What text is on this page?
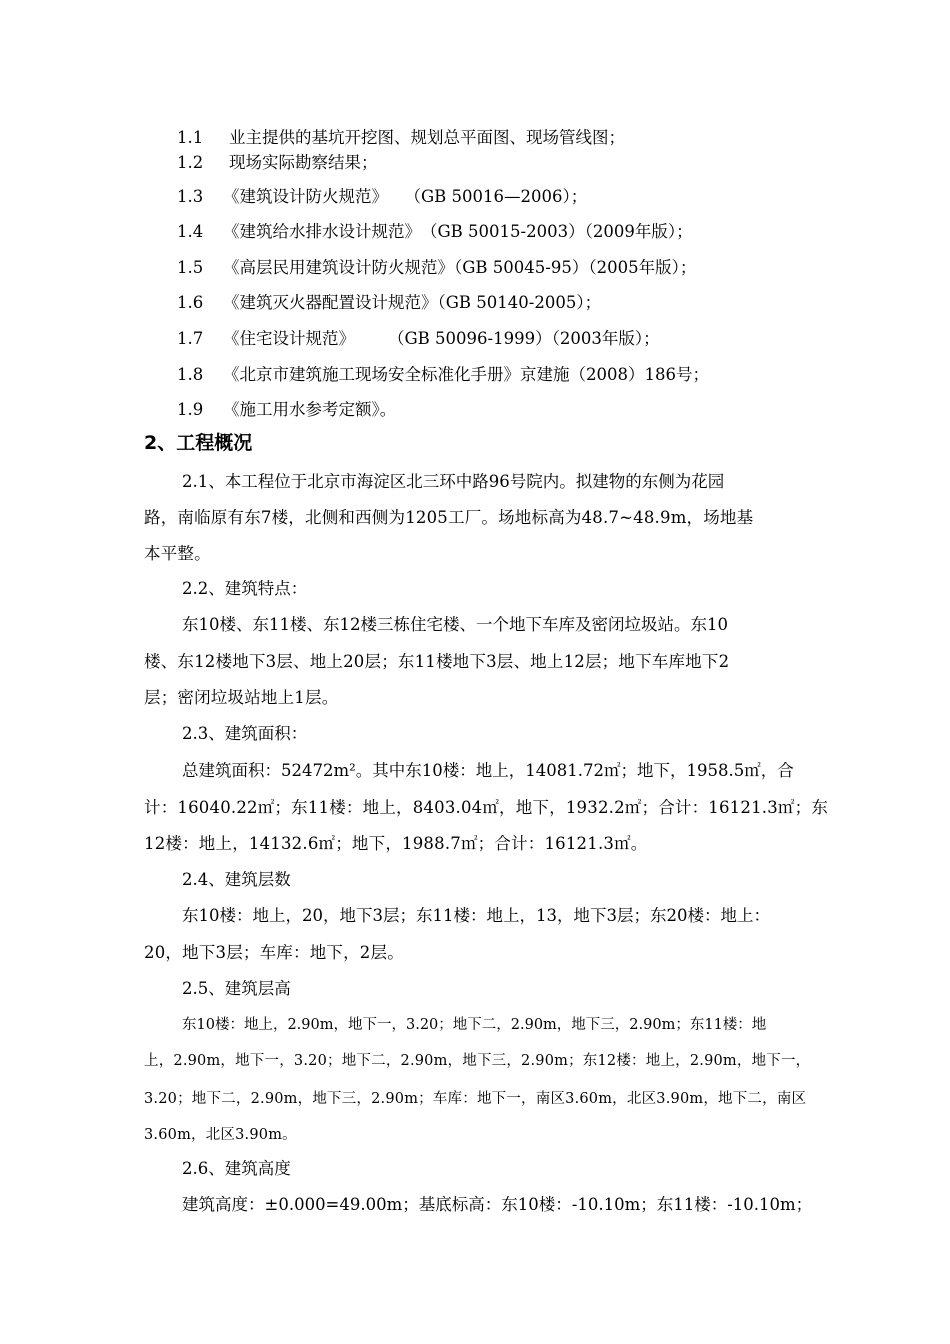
1.1 业主提供的基坑开挖图、规划总平面图、现场管线图；
1.2 现场实际勘察结果；
1.3 《建筑设计防火规范》　　（GB 50016—2006）；
1.4 《建筑给水排水设计规范》　（GB 50015-2003）（2009年版）；
1.5 《高层民用建筑设计防火规范》（GB 50045-95）（2005年版）；
1.6 《建筑灭火器配置设计规范》（GB 50140-2005）；
1.7 《住宅设计规范》　　　（GB 50096-1999）（2003年版）；
1.8 《北京市建筑施工现场安全标准化手册》京建施（2008）186号；
1.9 《施工用水参考定额》。
2、工程概况
2.1、本工程位于北京市海淀区北三环中路96号院内。拟建物的东侧为花园
路，南临原有东7楼，北侧和西侧为1205工厂。场地标高为48.7~48.9m，场地基
本平整。
2.2、建筑特点：
东10楼、东11楼、东12楼三栋住宅楼、一个地下车库及密闭垃圾站。东10
楼、东12楼地下3层、地上20层；东11楼地下3层、地上12层；地下车库地下2
层；密闭垃圾站地上1层。
2.3、建筑面积：
总建筑面积：52472m²。其中东10楼：地上，14081.72㎡；地下，1958.5㎡，合
计：16040.22㎡；东11楼：地上，8403.04㎡，地下，1932.2㎡；合计：16121.3㎡；东
12楼：地上，14132.6㎡；地下，1988.7㎡；合计：16121.3㎡。
2.4、建筑层数
东10楼：地上，20，地下3层；东11楼：地上，13，地下3层；东20楼：地上：
20，地下3层；车库：地下，2层。
2.5、建筑层高
东10楼：地上，2.90m，地下一，3.20；地下二，2.90m，地下三，2.90m；东11楼：地
上，2.90m，地下一，3.20；地下二，2.90m，地下三，2.90m；东12楼：地上，2.90m，地下一，
3.20；地下二，2.90m，地下三，2.90m；车库：地下一，南区3.60m，北区3.90m，地下二，南区
3.60m，北区3.90m。
2.6、建筑高度
建筑高度：±0.000=49.00m；基底标高：东10楼：-10.10m；东11楼：-10.10m；
